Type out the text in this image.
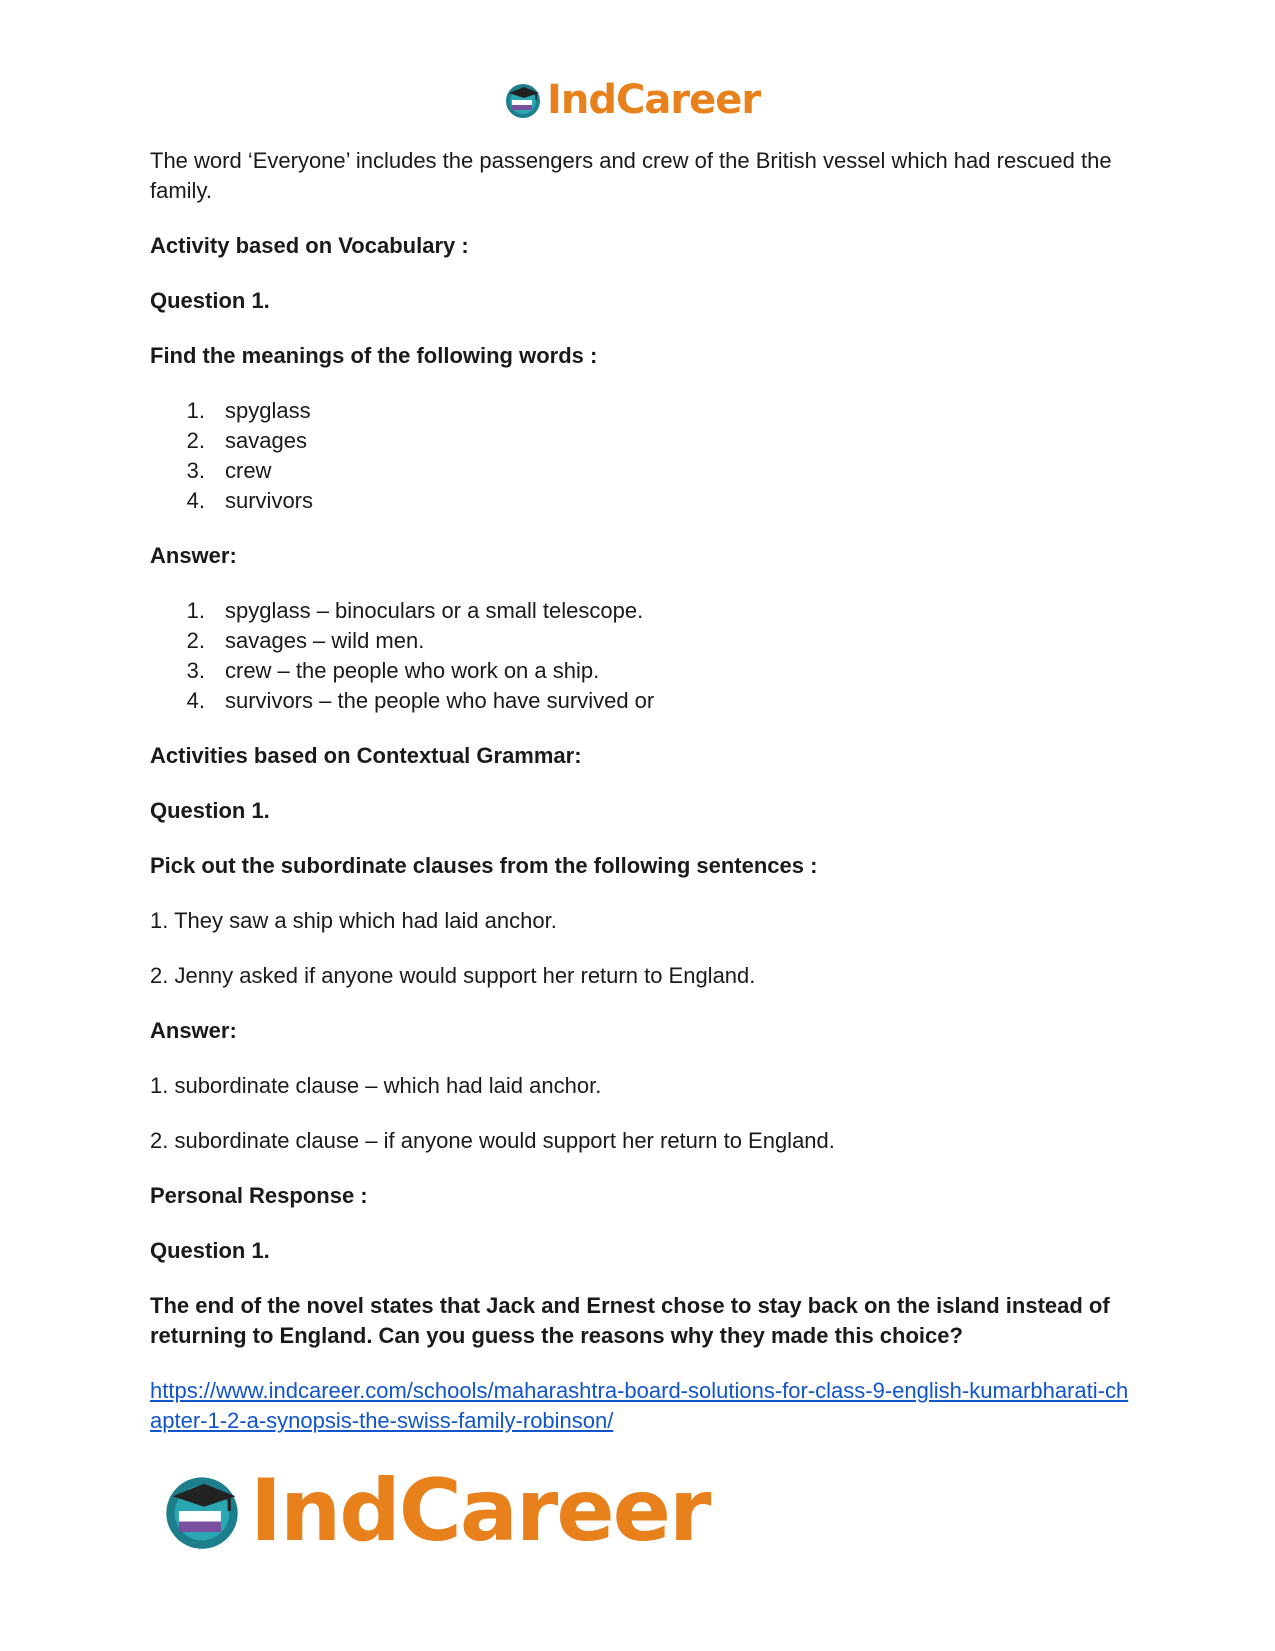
IndCareer

The word ‘Everyone’ includes the passengers and crew of the British vessel which had rescued the family.

Activity based on Vocabulary :

Question 1.

Find the meanings of the following words :

1. spyglass
2. savages
3. crew
4. survivors

Answer:

1. spyglass – binoculars or a small telescope.
2. savages – wild men.
3. crew – the people who work on a ship.
4. survivors – the people who have survived or

Activities based on Contextual Grammar:

Question 1.

Pick out the subordinate clauses from the following sentences :

1. They saw a ship which had laid anchor.

2. Jenny asked if anyone would support her return to England.

Answer:

1. subordinate clause – which had laid anchor.

2. subordinate clause – if anyone would support her return to England.

Personal Response :

Question 1.

The end of the novel states that Jack and Ernest chose to stay back on the island instead of returning to England. Can you guess the reasons why they made this choice?

https://www.indcareer.com/schools/maharashtra-board-solutions-for-class-9-english-kumarbharati-chapter-1-2-a-synopsis-the-swiss-family-robinson/
IndCareer
